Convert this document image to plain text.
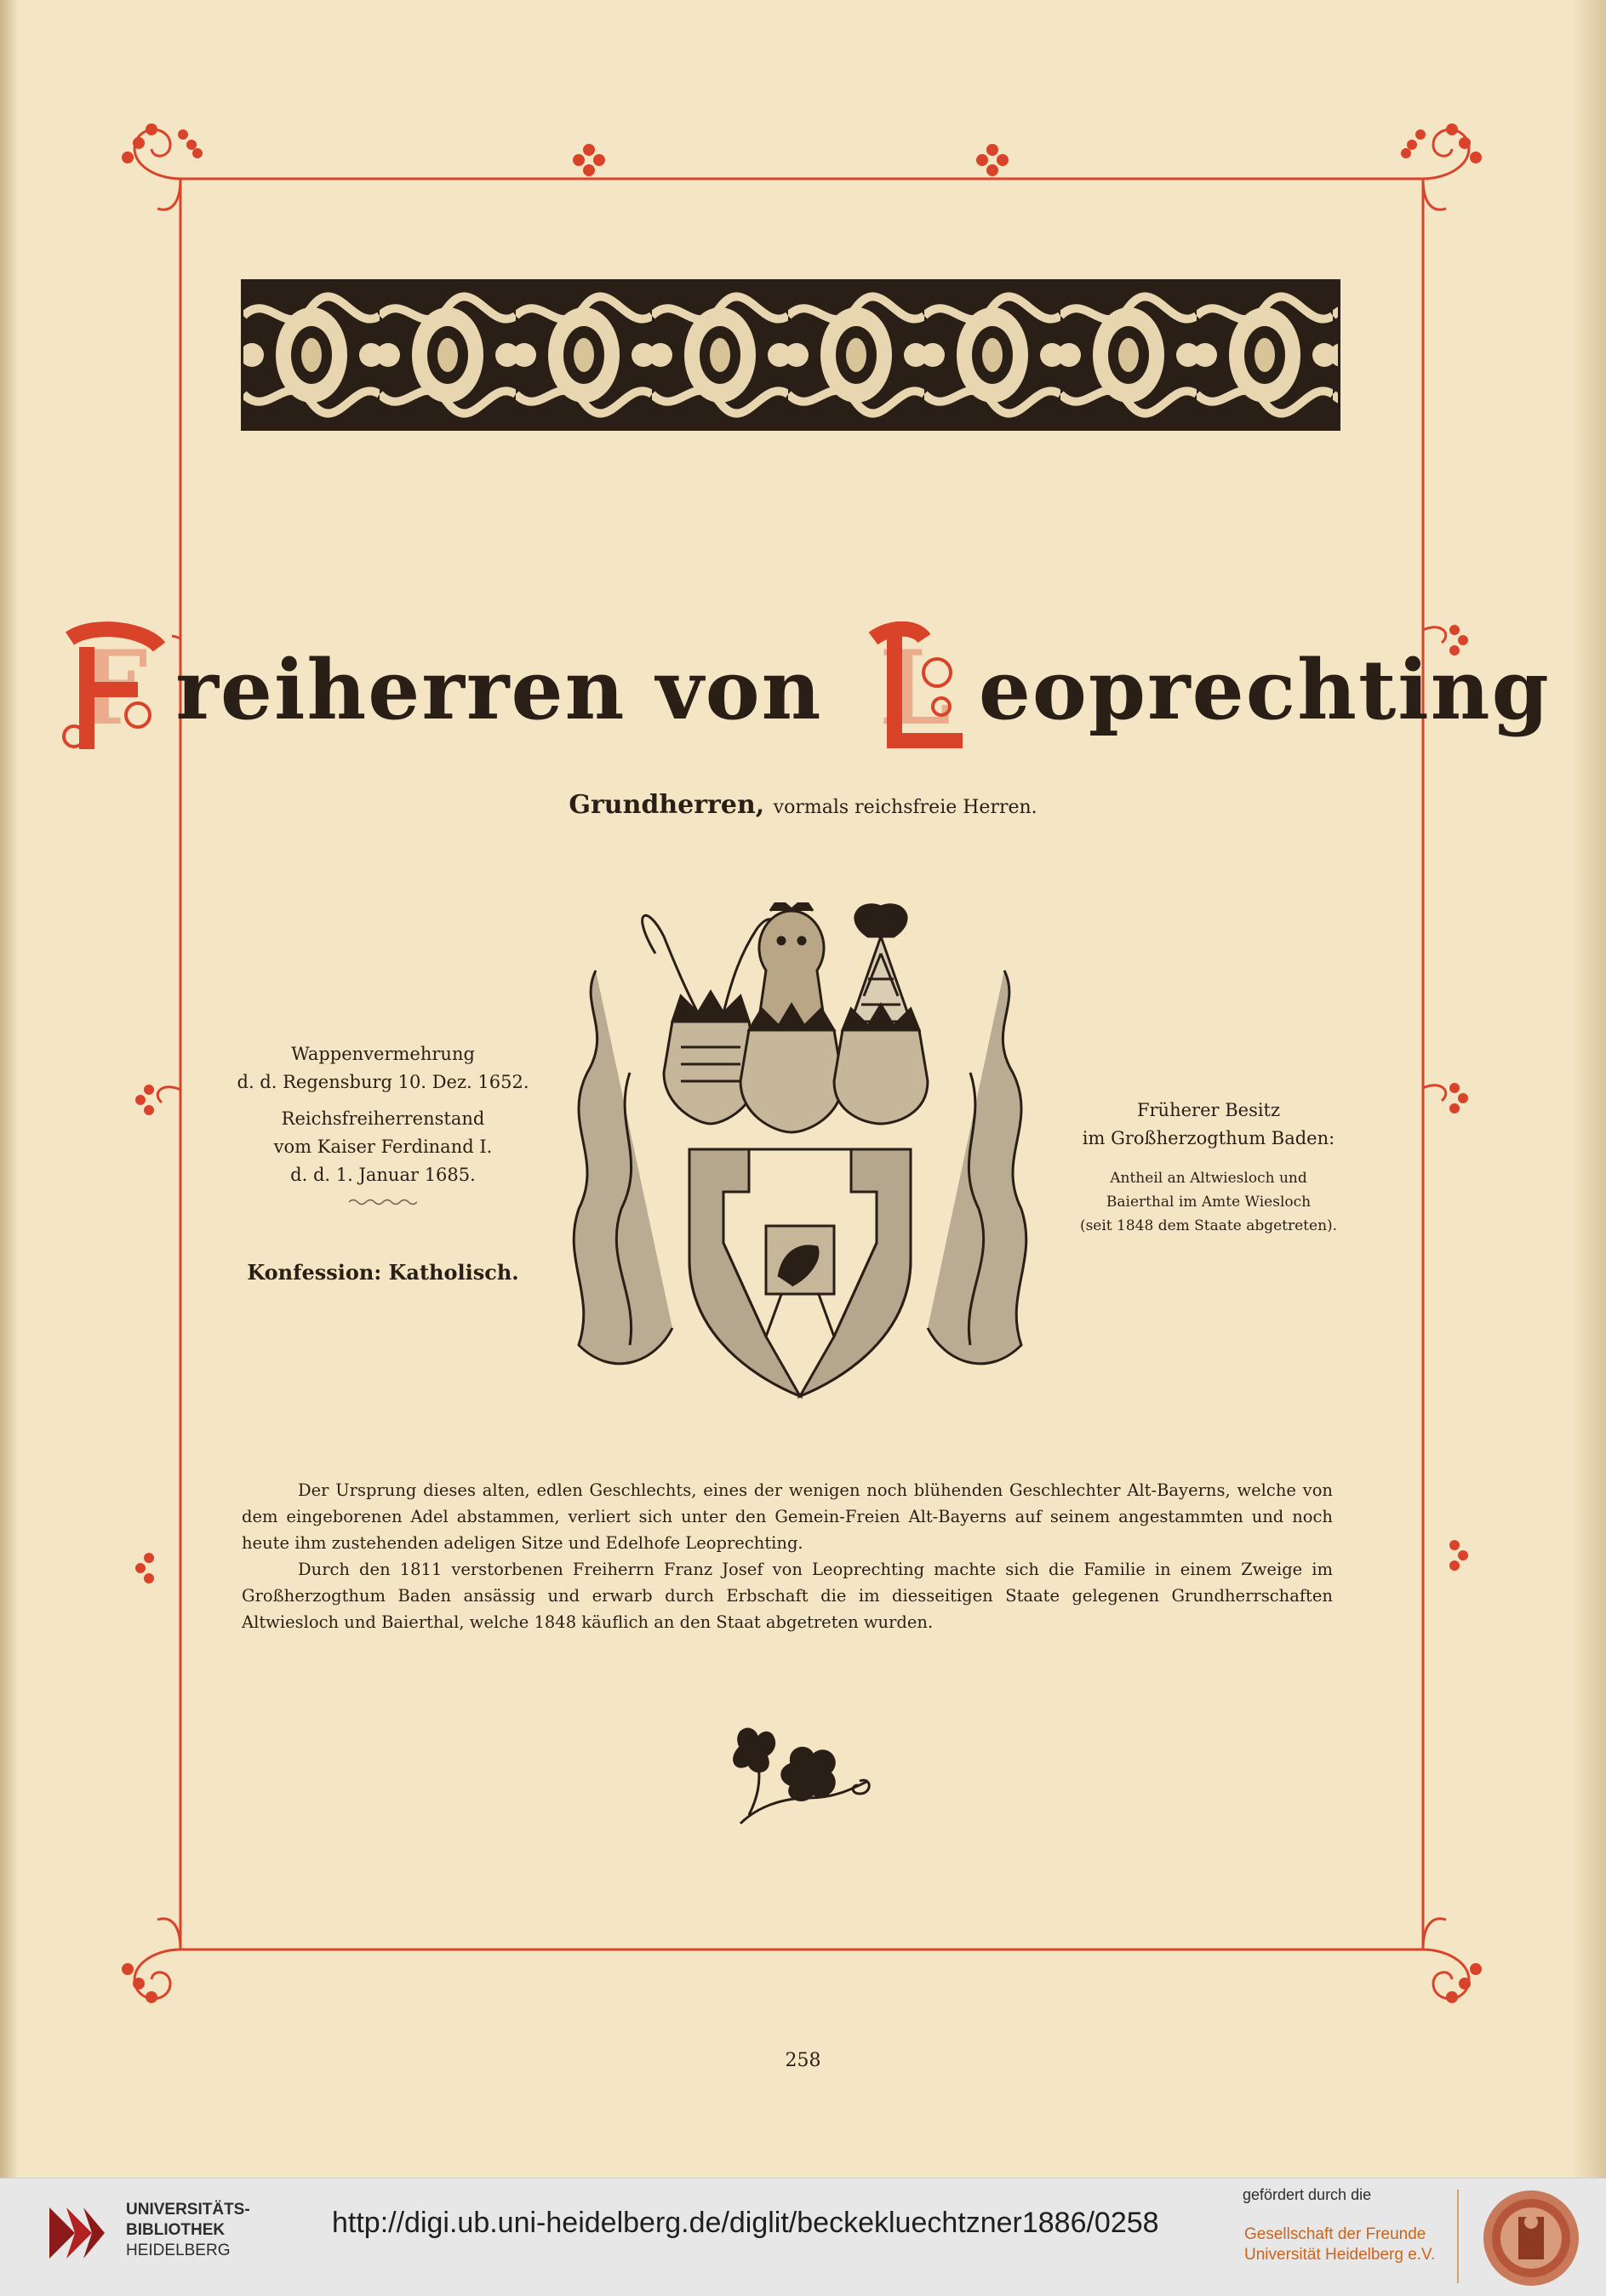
F reiherren von L eoprechting
Grundherren, vormals reichsfreie Herren.
Wappenvermehrung
d. d. Regensburg 10. Dez. 1652.
Reichsfreiherrenstand
vom Kaiser Ferdinand I.
d. d. 1. Januar 1685.
Konfession: Katholisch.
Früherer Besitz
im Großherzogthum Baden:
Antheil an Altwiesloch und
Baierthal im Amte Wiesloch
(seit 1848 dem Staate abgetreten).

Der Ursprung dieses alten, edlen Geschlechts, eines der wenigen noch blühenden Geschlechter Alt-Bayerns, welche von dem eingeborenen Adel abstammen, verliert sich unter den Gemein-Freien Alt-Bayerns auf seinem angestammten und noch heute ihm zustehenden adeligen Sitze und Edelhofe Leoprechting.

Durch den 1811 verstorbenen Freiherrn Franz Josef von Leoprechting machte sich die Familie in einem Zweige im Großherzogthum Baden ansässig und erwarb durch Erbschaft die im diesseitigen Staate gelegenen Grundherrschaften Altwiesloch und Baierthal, welche 1848 käuflich an den Staat abgetreten wurden.

258
UNIVERSITÄTS-
BIBLIOTHEK
HEIDELBERG
http://digi.ub.uni-heidelberg.de/diglit/beckekluechtzner1886/0258
gefördert durch die
Gesellschaft der Freunde
Universität Heidelberg e.V.
